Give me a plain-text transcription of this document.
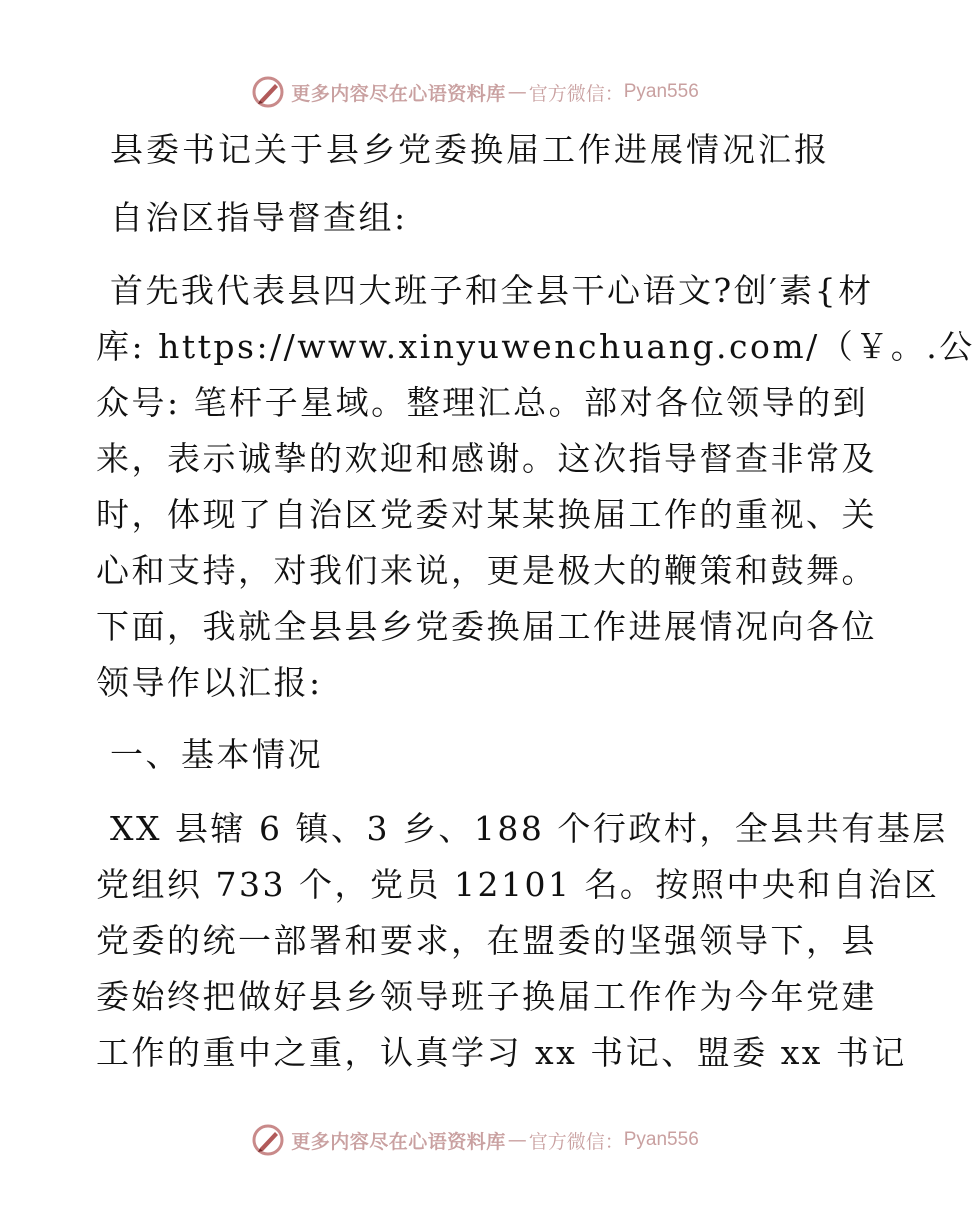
更多内容尽在心语资料库 — 官方微信： Pyan556
县委书记关于县乡党委换届工作进展情况汇报
自治区指导督查组:
首先我代表县四大班子和全县干心语文?创′素{材
库: https://www.xinyuwenchuang.com/（￥。.公
众号: 笔杆子星域。整理汇总。部对各位领导的到
来，表示诚挚的欢迎和感谢。这次指导督查非常及
时，体现了自治区党委对某某换届工作的重视、关
心和支持，对我们来说，更是极大的鞭策和鼓舞。
下面，我就全县县乡党委换届工作进展情况向各位
领导作以汇报:
一、基本情况
XX 县辖 6 镇、3 乡、188 个行政村，全县共有基层
党组织 733 个，党员 12101 名。按照中央和自治区
党委的统一部署和要求，在盟委的坚强领导下，县
委始终把做好县乡领导班子换届工作作为今年党建
工作的重中之重，认真学习 xx 书记、盟委 xx 书记
更多内容尽在心语资料库 — 官方微信： Pyan556
